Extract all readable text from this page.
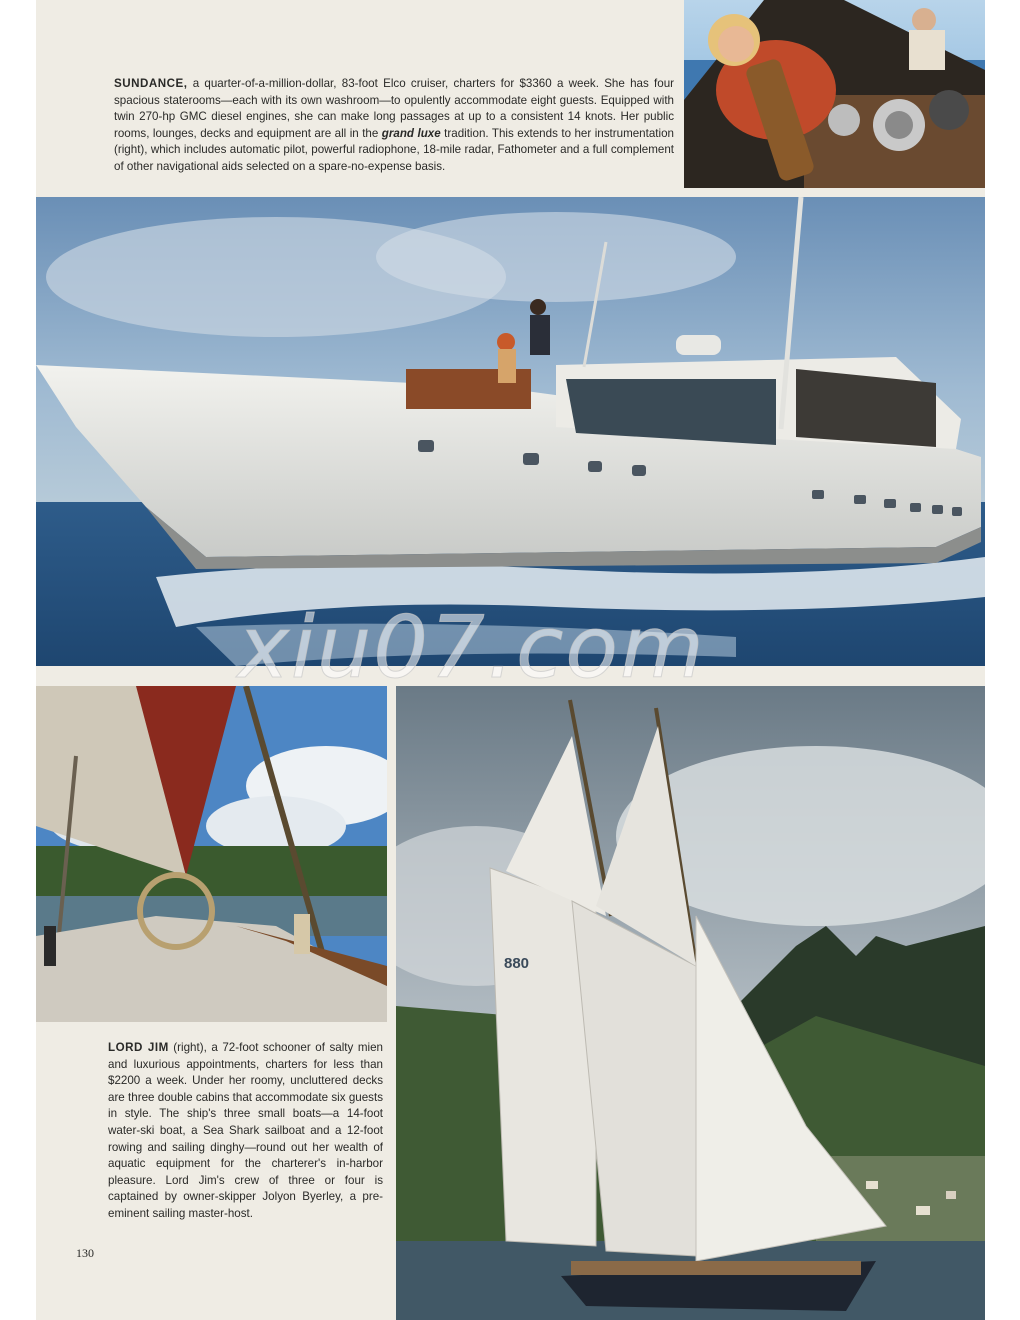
SUNDANCE, a quarter-of-a-million-dollar, 83-foot Elco cruiser, charters for $3360 a week. She has four spacious staterooms—each with its own washroom—to opulently accommodate eight guests. Equipped with twin 270-hp GMC diesel engines, she can make long passages at up to a consistent 14 knots. Her public rooms, lounges, decks and equipment are all in the grand luxe tradition. This extends to her instrumentation (right), which includes automatic pilot, powerful radiophone, 18-mile radar, Fathometer and a full complement of other navigational aids selected on a spare-no-expense basis.
LORD JIM (right), a 72-foot schooner of salty mien and luxurious appointments, charters for less than $2200 a week. Under her roomy, uncluttered decks are three double cabins that accommodate six guests in style. The ship's three small boats—a 14-foot water-ski boat, a Sea Shark sailboat and a 12-foot rowing and sailing dinghy—round out her wealth of aquatic equipment for the charterer's in-harbor pleasure. Lord Jim's crew of three or four is captained by owner-skipper Jolyon Byerley, a pre-eminent sailing master-host.
130
880
xiu07.com
